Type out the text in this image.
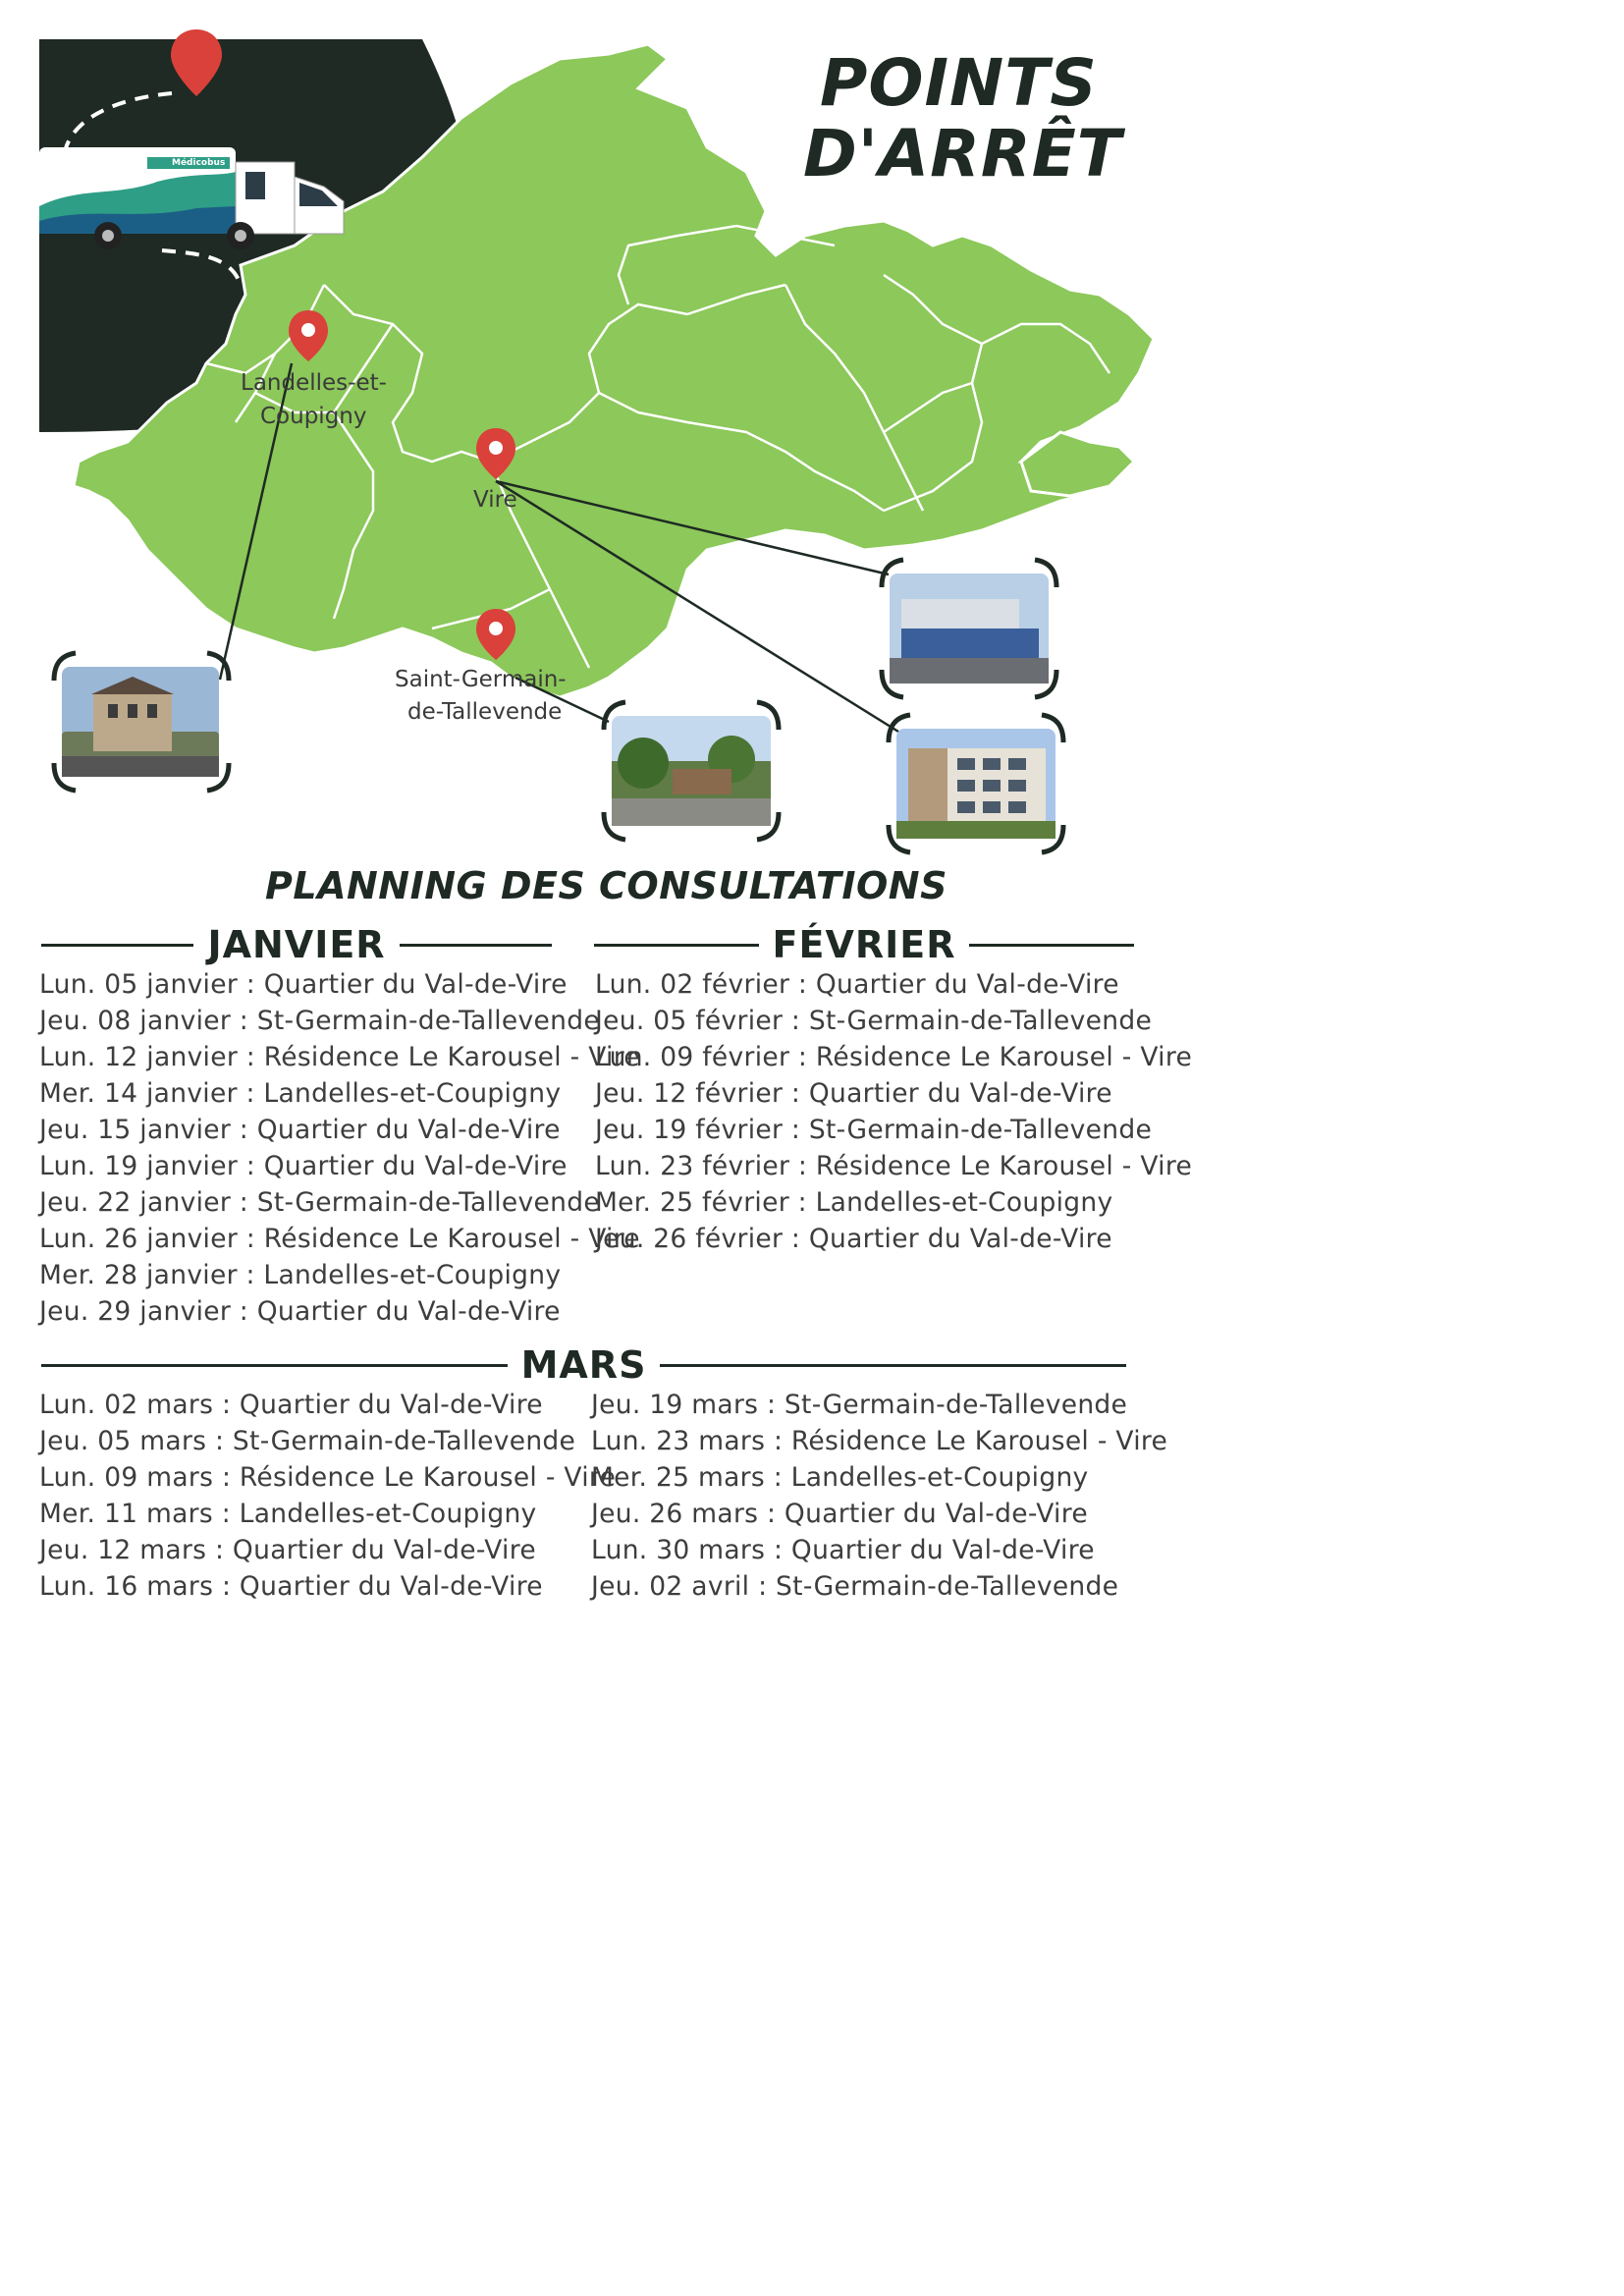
Médicobus
Landelles-et-
Coupigny
Vire
Saint-Germain-
de-Tallevende
POINTS
D'ARRÊT
PLANNING DES CONSULTATIONS
JANVIER	FÉVRIER
Lun. 05 janvier : Quartier du Val-de-Vire
Jeu. 08 janvier : St-Germain-de-Tallevende
Lun. 12 janvier : Résidence Le Karousel - Vire
Mer. 14 janvier : Landelles-et-Coupigny
Jeu. 15 janvier : Quartier du Val-de-Vire
Lun. 19 janvier : Quartier du Val-de-Vire
Jeu. 22 janvier : St-Germain-de-Tallevende
Lun. 26 janvier : Résidence Le Karousel - Vire
Mer. 28 janvier : Landelles-et-Coupigny
Jeu. 29 janvier : Quartier du Val-de-Vire
Lun. 02 février : Quartier du Val-de-Vire
Jeu. 05 février : St-Germain-de-Tallevende
Lun. 09 février : Résidence Le Karousel - Vire
Jeu. 12 février : Quartier du Val-de-Vire
Jeu. 19 février : St-Germain-de-Tallevende
Lun. 23 février : Résidence Le Karousel - Vire
Mer. 25 février : Landelles-et-Coupigny
Jeu. 26 février : Quartier du Val-de-Vire
MARS
Lun. 02 mars : Quartier du Val-de-Vire
Jeu. 05 mars : St-Germain-de-Tallevende
Lun. 09 mars : Résidence Le Karousel - Vire
Mer. 11 mars : Landelles-et-Coupigny
Jeu. 12 mars : Quartier du Val-de-Vire
Lun. 16 mars : Quartier du Val-de-Vire
Jeu. 19 mars : St-Germain-de-Tallevende
Lun. 23 mars : Résidence Le Karousel - Vire
Mer. 25 mars : Landelles-et-Coupigny
Jeu. 26 mars : Quartier du Val-de-Vire
Lun. 30 mars : Quartier du Val-de-Vire
Jeu. 02 avril : St-Germain-de-Tallevende
